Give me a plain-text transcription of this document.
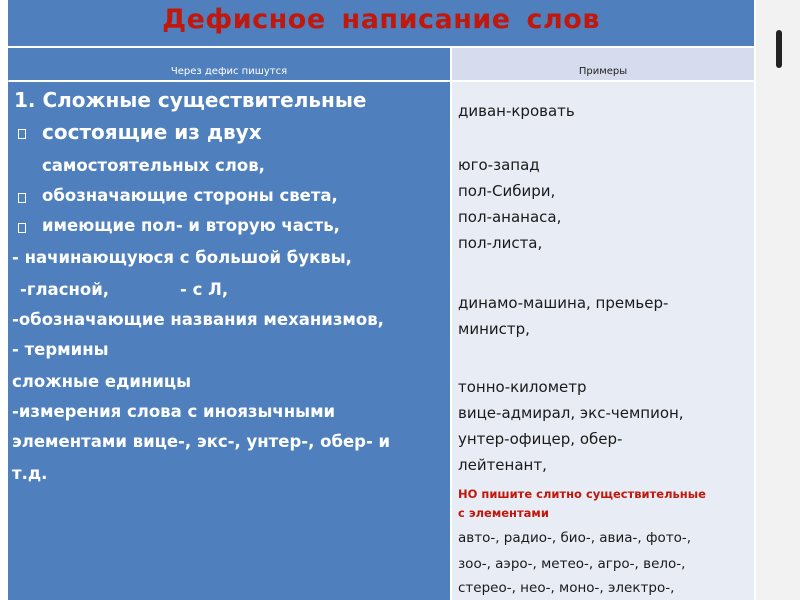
Дефисное написание слов
Через дефис пишутся	Примеры
1. Сложные существительные
состоящие из двух
самостоятельных слов,
обозначающие стороны света,
имеющие пол- и вторую часть,
- начинающуюся с большой буквы,
-гласной,	- с Л,
-обозначающие названия механизмов,
- термины
сложные единицы
-измерения слова с иноязычными
элементами вице-, экс-, унтер-, обер- и
т.д.
диван-кровать
юго-запад
пол-Сибири,
пол-ананаса,
пол-листа,
динамо-машина, премьер-
министр,
тонно-километр
вице-адмирал, экс-чемпион,
унтер-офицер, обер-
лейтенант,
НО пишите слитно существительные
с элементами
авто-, радио-, био-, авиа-, фото-,
зоо-, аэро-, метео-, агро-, вело-,
стерео-, нео-, моно-, электро-,
